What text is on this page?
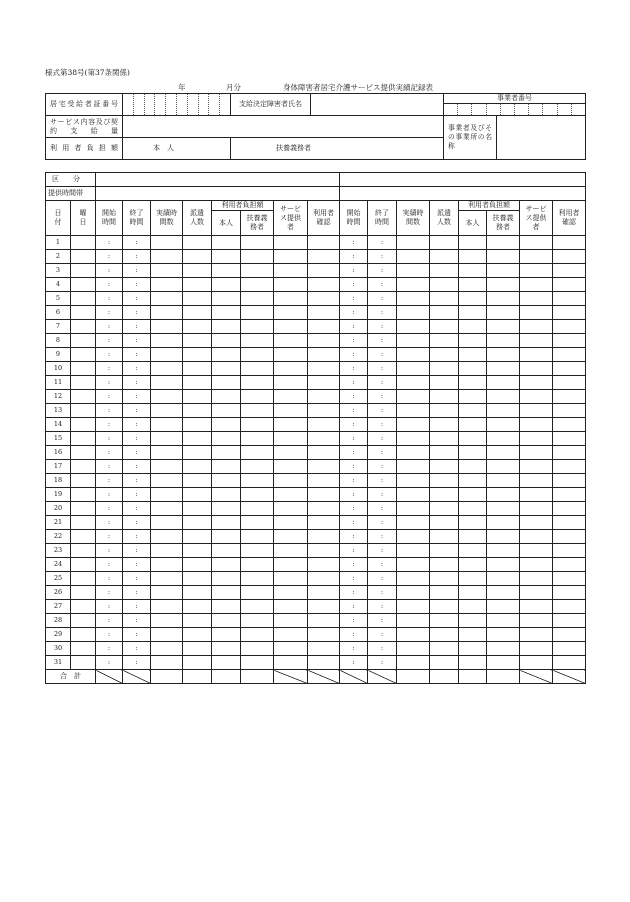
様式第38号(第37条関係)
年	月分	身体障害者居宅介護サービス提供実績記録表
居宅受給者証番号		支給決定障害者氏名		事業者番号	

サービス内容及び契約支給量				事業者及びその事業所の名称	
利用者負担額	本　人	扶養義務者			
区　　分																	
提供時間帯																	
日付	曜日	開始時間	終了時間	実績時間数	派遣人数	利用者負担額		サービス提供者	利用者確認	開始時間	終了時間	実績時間数	派遣人数	利用者負担額		サービス提供者	利用者確認
						本人	扶養義務者							本人	扶養義務者		
1		:	:							:	:						
2		:	:							:	:						
3		:	:							:	:						
4		:	:							:	:						
5		:	:							:	:						
6		:	:							:	:						
7		:	:							:	:						
8		:	:							:	:						
9		:	:							:	:						
10		:	:							:	:						
11		:	:							:	:						
12		:	:							:	:						
13		:	:							:	:						
14		:	:							:	:						
15		:	:							:	:						
16		:	:							:	:						
17		:	:							:	:						
18		:	:							:	:						
19		:	:							:	:						
20		:	:							:	:						
21		:	:							:	:						
22		:	:							:	:						
23		:	:							:	:						
24		:	:							:	:						
25		:	:							:	:						
26		:	:							:	:						
27		:	:							:	:						
28		:	:							:	:						
29		:	:							:	:						
30		:	:							:	:						
31		:	:							:	:						
合　計																	
